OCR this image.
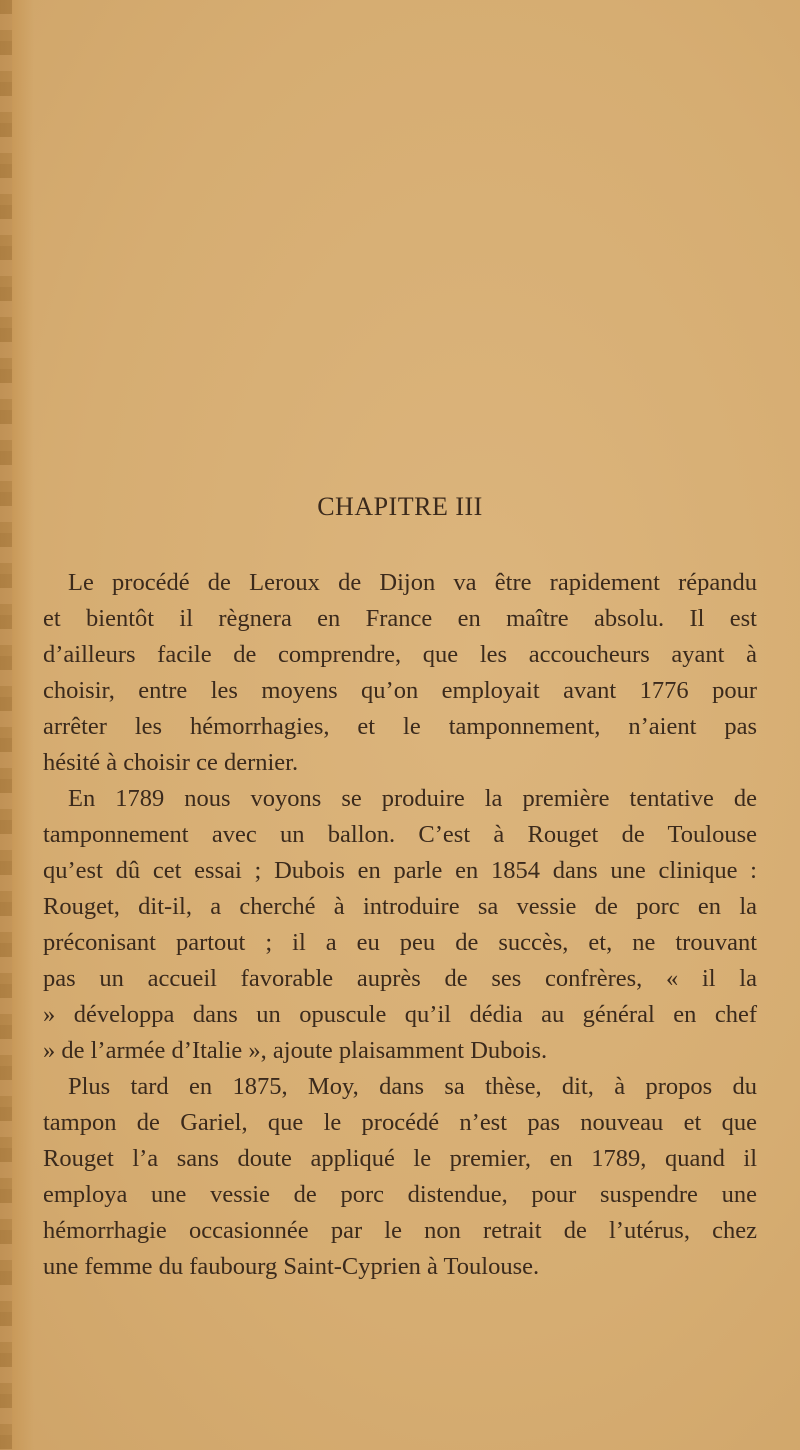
CHAPITRE III
Le procédé de Leroux de Dijon va être rapidement répandu
et bientôt il règnera en France en maître absolu. Il est
d’ailleurs facile de comprendre, que les accoucheurs ayant à
choisir, entre les moyens qu’on employait avant 1776 pour
arrêter les hémorrhagies, et le tamponnement, n’aient pas
hésité à choisir ce dernier.
En 1789 nous voyons se produire la première tentative de
tamponnement avec un ballon. C’est à Rouget de Toulouse
qu’est dû cet essai ; Dubois en parle en 1854 dans une clinique :
Rouget, dit-il, a cherché à introduire sa vessie de porc en la
préconisant partout ; il a eu peu de succès, et, ne trouvant
pas un accueil favorable auprès de ses confrères, « il la
» développa dans un opuscule qu’il dédia au général en chef
» de l’armée d’Italie », ajoute plaisamment Dubois.
Plus tard en 1875, Moy, dans sa thèse, dit, à propos du
tampon de Gariel, que le procédé n’est pas nouveau et que
Rouget l’a sans doute appliqué le premier, en 1789, quand il
employa une vessie de porc distendue, pour suspendre une
hémorrhagie occasionnée par le non retrait de l’utérus, chez
une femme du faubourg Saint-Cyprien à Toulouse.
